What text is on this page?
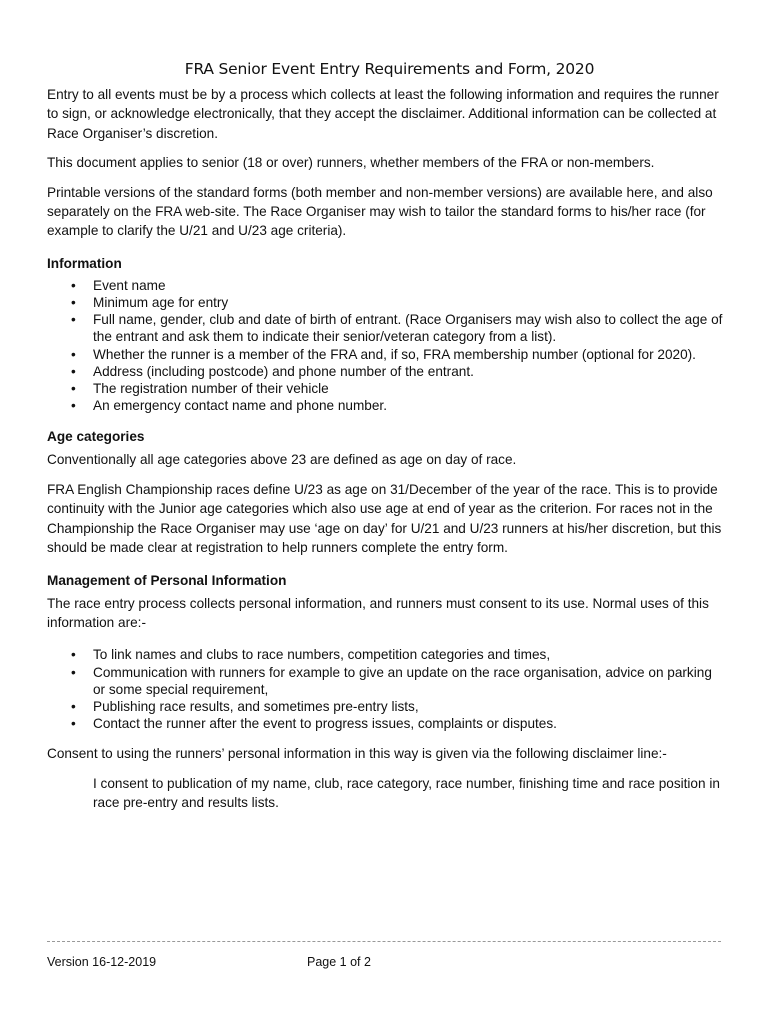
FRA Senior Event Entry Requirements and Form, 2020

Entry to all events must be by a process which collects at least the following information and requires the runner to sign, or acknowledge electronically, that they accept the disclaimer. Additional information can be collected at Race Organiser’s discretion.

This document applies to senior (18 or over) runners, whether members of the FRA or non-members.

Printable versions of the standard forms (both member and non-member versions) are available here, and also separately on the FRA web-site. The Race Organiser may wish to tailor the standard forms to his/her race (for example to clarify the U/21 and U/23 age criteria).

Information
• Event name
• Minimum age for entry
• Full name, gender, club and date of birth of entrant. (Race Organisers may wish also to collect the age of the entrant and ask them to indicate their senior/veteran category from a list).
• Whether the runner is a member of the FRA and, if so, FRA membership number (optional for 2020).
• Address (including postcode) and phone number of the entrant.
• The registration number of their vehicle
• An emergency contact name and phone number.
Age categories

Conventionally all age categories above 23 are defined as age on day of race.

FRA English Championship races define U/23 as age on 31/December of the year of the race. This is to provide continuity with the Junior age categories which also use age at end of year as the criterion. For races not in the Championship the Race Organiser may use ‘age on day’ for U/21 and U/23 runners at his/her discretion, but this should be made clear at registration to help runners complete the entry form.

Management of Personal Information

The race entry process collects personal information, and runners must consent to its use. Normal uses of this information are:-

• To link names and clubs to race numbers, competition categories and times,
• Communication with runners for example to give an update on the race organisation, advice on parking or some special requirement,
• Publishing race results, and sometimes pre-entry lists,
• Contact the runner after the event to progress issues, complaints or disputes.

Consent to using the runners’ personal information in this way is given via the following disclaimer line:-

I consent to publication of my name, club, race category, race number, finishing time and race position in race pre-entry and results lists.

Version 16-12-2019	Page 1 of 2
